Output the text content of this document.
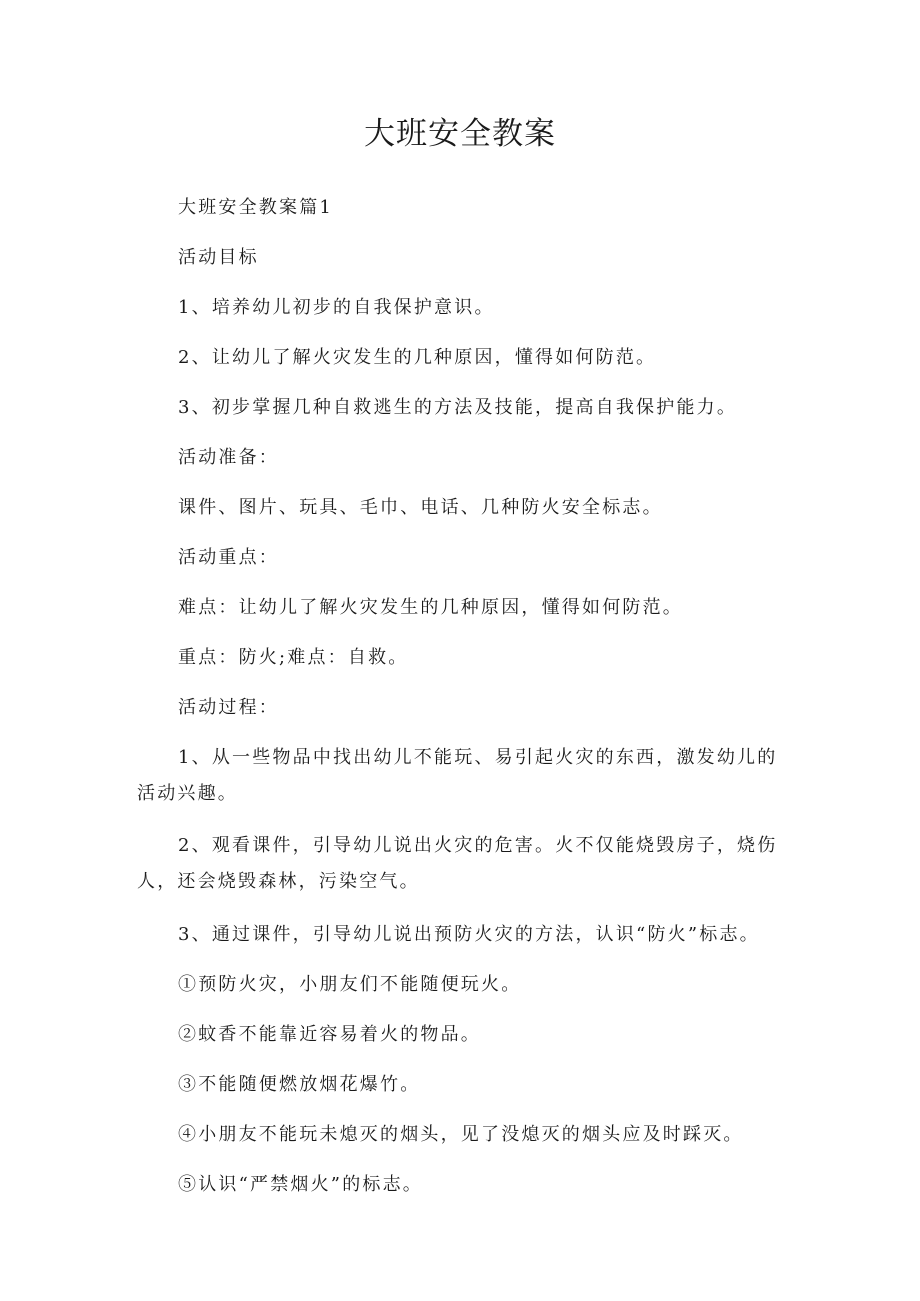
大班安全教案

大班安全教案篇1

活动目标

1、培养幼儿初步的自我保护意识。

2、让幼儿了解火灾发生的几种原因，懂得如何防范。

3、初步掌握几种自救逃生的方法及技能，提高自我保护能力。

活动准备：

课件、图片、玩具、毛巾、电话、几种防火安全标志。

活动重点：

难点：让幼儿了解火灾发生的几种原因，懂得如何防范。

重点：防火;难点：自救。

活动过程：

1、从一些物品中找出幼儿不能玩、易引起火灾的东西，激发幼儿的活动兴趣。

2、观看课件，引导幼儿说出火灾的危害。火不仅能烧毁房子，烧伤人，还会烧毁森林，污染空气。

3、通过课件，引导幼儿说出预防火灾的方法，认识“防火”标志。

①预防火灾，小朋友们不能随便玩火。

②蚊香不能靠近容易着火的物品。

③不能随便燃放烟花爆竹。

④小朋友不能玩未熄灭的烟头，见了没熄灭的烟头应及时踩灭。

⑤认识“严禁烟火”的标志。
